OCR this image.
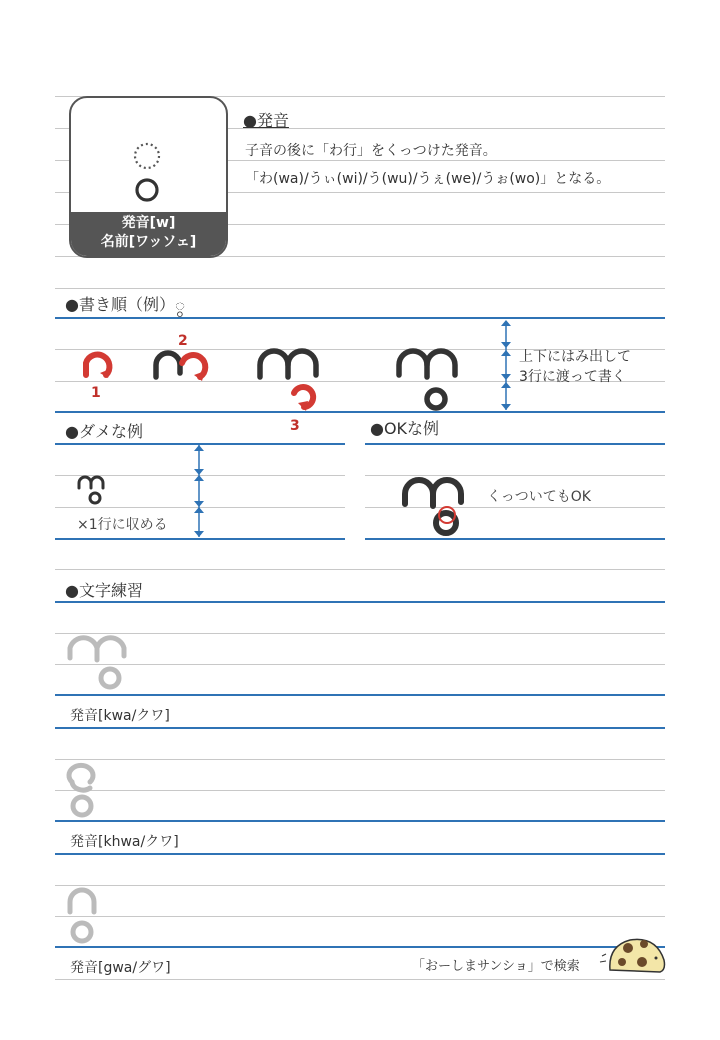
発音[w]
名前[ワッソェ]
●発音
子音の後に「わ行」をくっつけた発音。
「わ(wa)/うぃ(wi)/う(wu)/うぇ(we)/うぉ(wo)」となる。
●書き順（例）ွ
1
2
3
上下にはみ出して
3行に渡って書く
●ダメな例	●OKな例
×1行に収める
くっついてもOK
●文字練習
発音[kwa/クワ]
発音[khwa/クワ]
発音[gwa/グワ]	「おーしまサンショ」で検索
